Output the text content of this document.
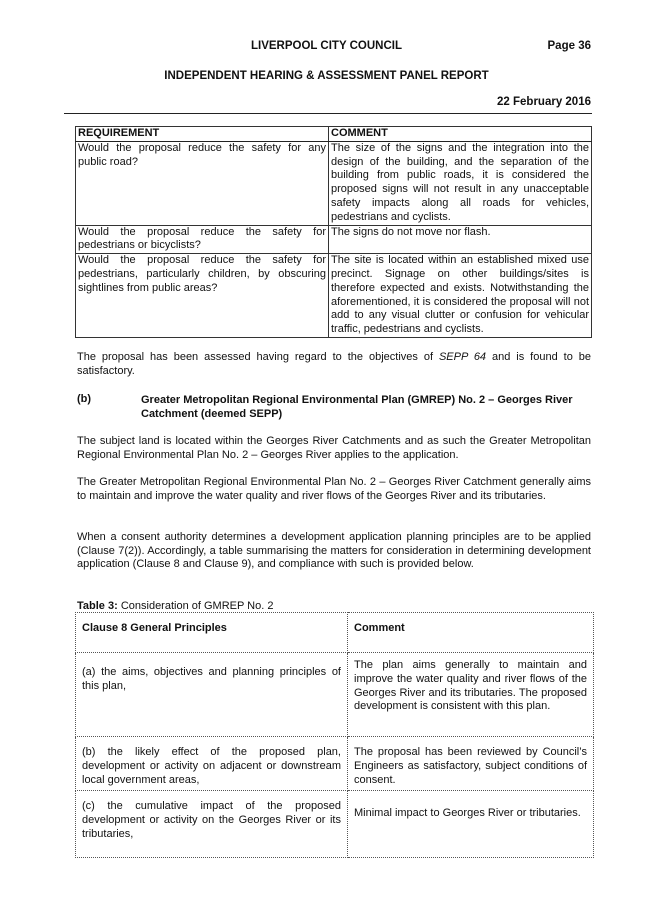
LIVERPOOL CITY COUNCIL	Page 36
INDEPENDENT HEARING & ASSESSMENT PANEL REPORT
22 February 2016
REQUIREMENT	COMMENT
Would the proposal reduce the safety for any public road?	The size of the signs and the integration into the design of the building, and the separation of the building from public roads, it is considered the proposed signs will not result in any unacceptable safety impacts along all roads for vehicles, pedestrians and cyclists.
Would the proposal reduce the safety for pedestrians or bicyclists?	The signs do not move nor flash.
Would the proposal reduce the safety for pedestrians, particularly children, by obscuring sightlines from public areas?	The site is located within an established mixed use precinct. Signage on other buildings/sites is therefore expected and exists. Notwithstanding the aforementioned, it is considered the proposal will not add to any visual clutter or confusion for vehicular traffic, pedestrians and cyclists.
The proposal has been assessed having regard to the objectives of SEPP 64 and is found to be satisfactory.
(b)	Greater Metropolitan Regional Environmental Plan (GMREP) No. 2 – Georges River Catchment (deemed SEPP)
The subject land is located within the Georges River Catchments and as such the Greater Metropolitan Regional Environmental Plan No. 2 – Georges River applies to the application.
The Greater Metropolitan Regional Environmental Plan No. 2 – Georges River Catchment generally aims to maintain and improve the water quality and river flows of the Georges River and its tributaries.
When a consent authority determines a development application planning principles are to be applied (Clause 7(2)). Accordingly, a table summarising the matters for consideration in determining development application (Clause 8 and Clause 9), and compliance with such is provided below.
Table 3: Consideration of GMREP No. 2
Clause 8 General Principles	Comment
(a) the aims, objectives and planning principles of this plan,	The plan aims generally to maintain and improve the water quality and river flows of the Georges River and its tributaries. The proposed development is consistent with this plan.
(b) the likely effect of the proposed plan, development or activity on adjacent or downstream local government areas,	The proposal has been reviewed by Council’s Engineers as satisfactory, subject conditions of consent.
(c) the cumulative impact of the proposed development or activity on the Georges River or its tributaries,	Minimal impact to Georges River or tributaries.
